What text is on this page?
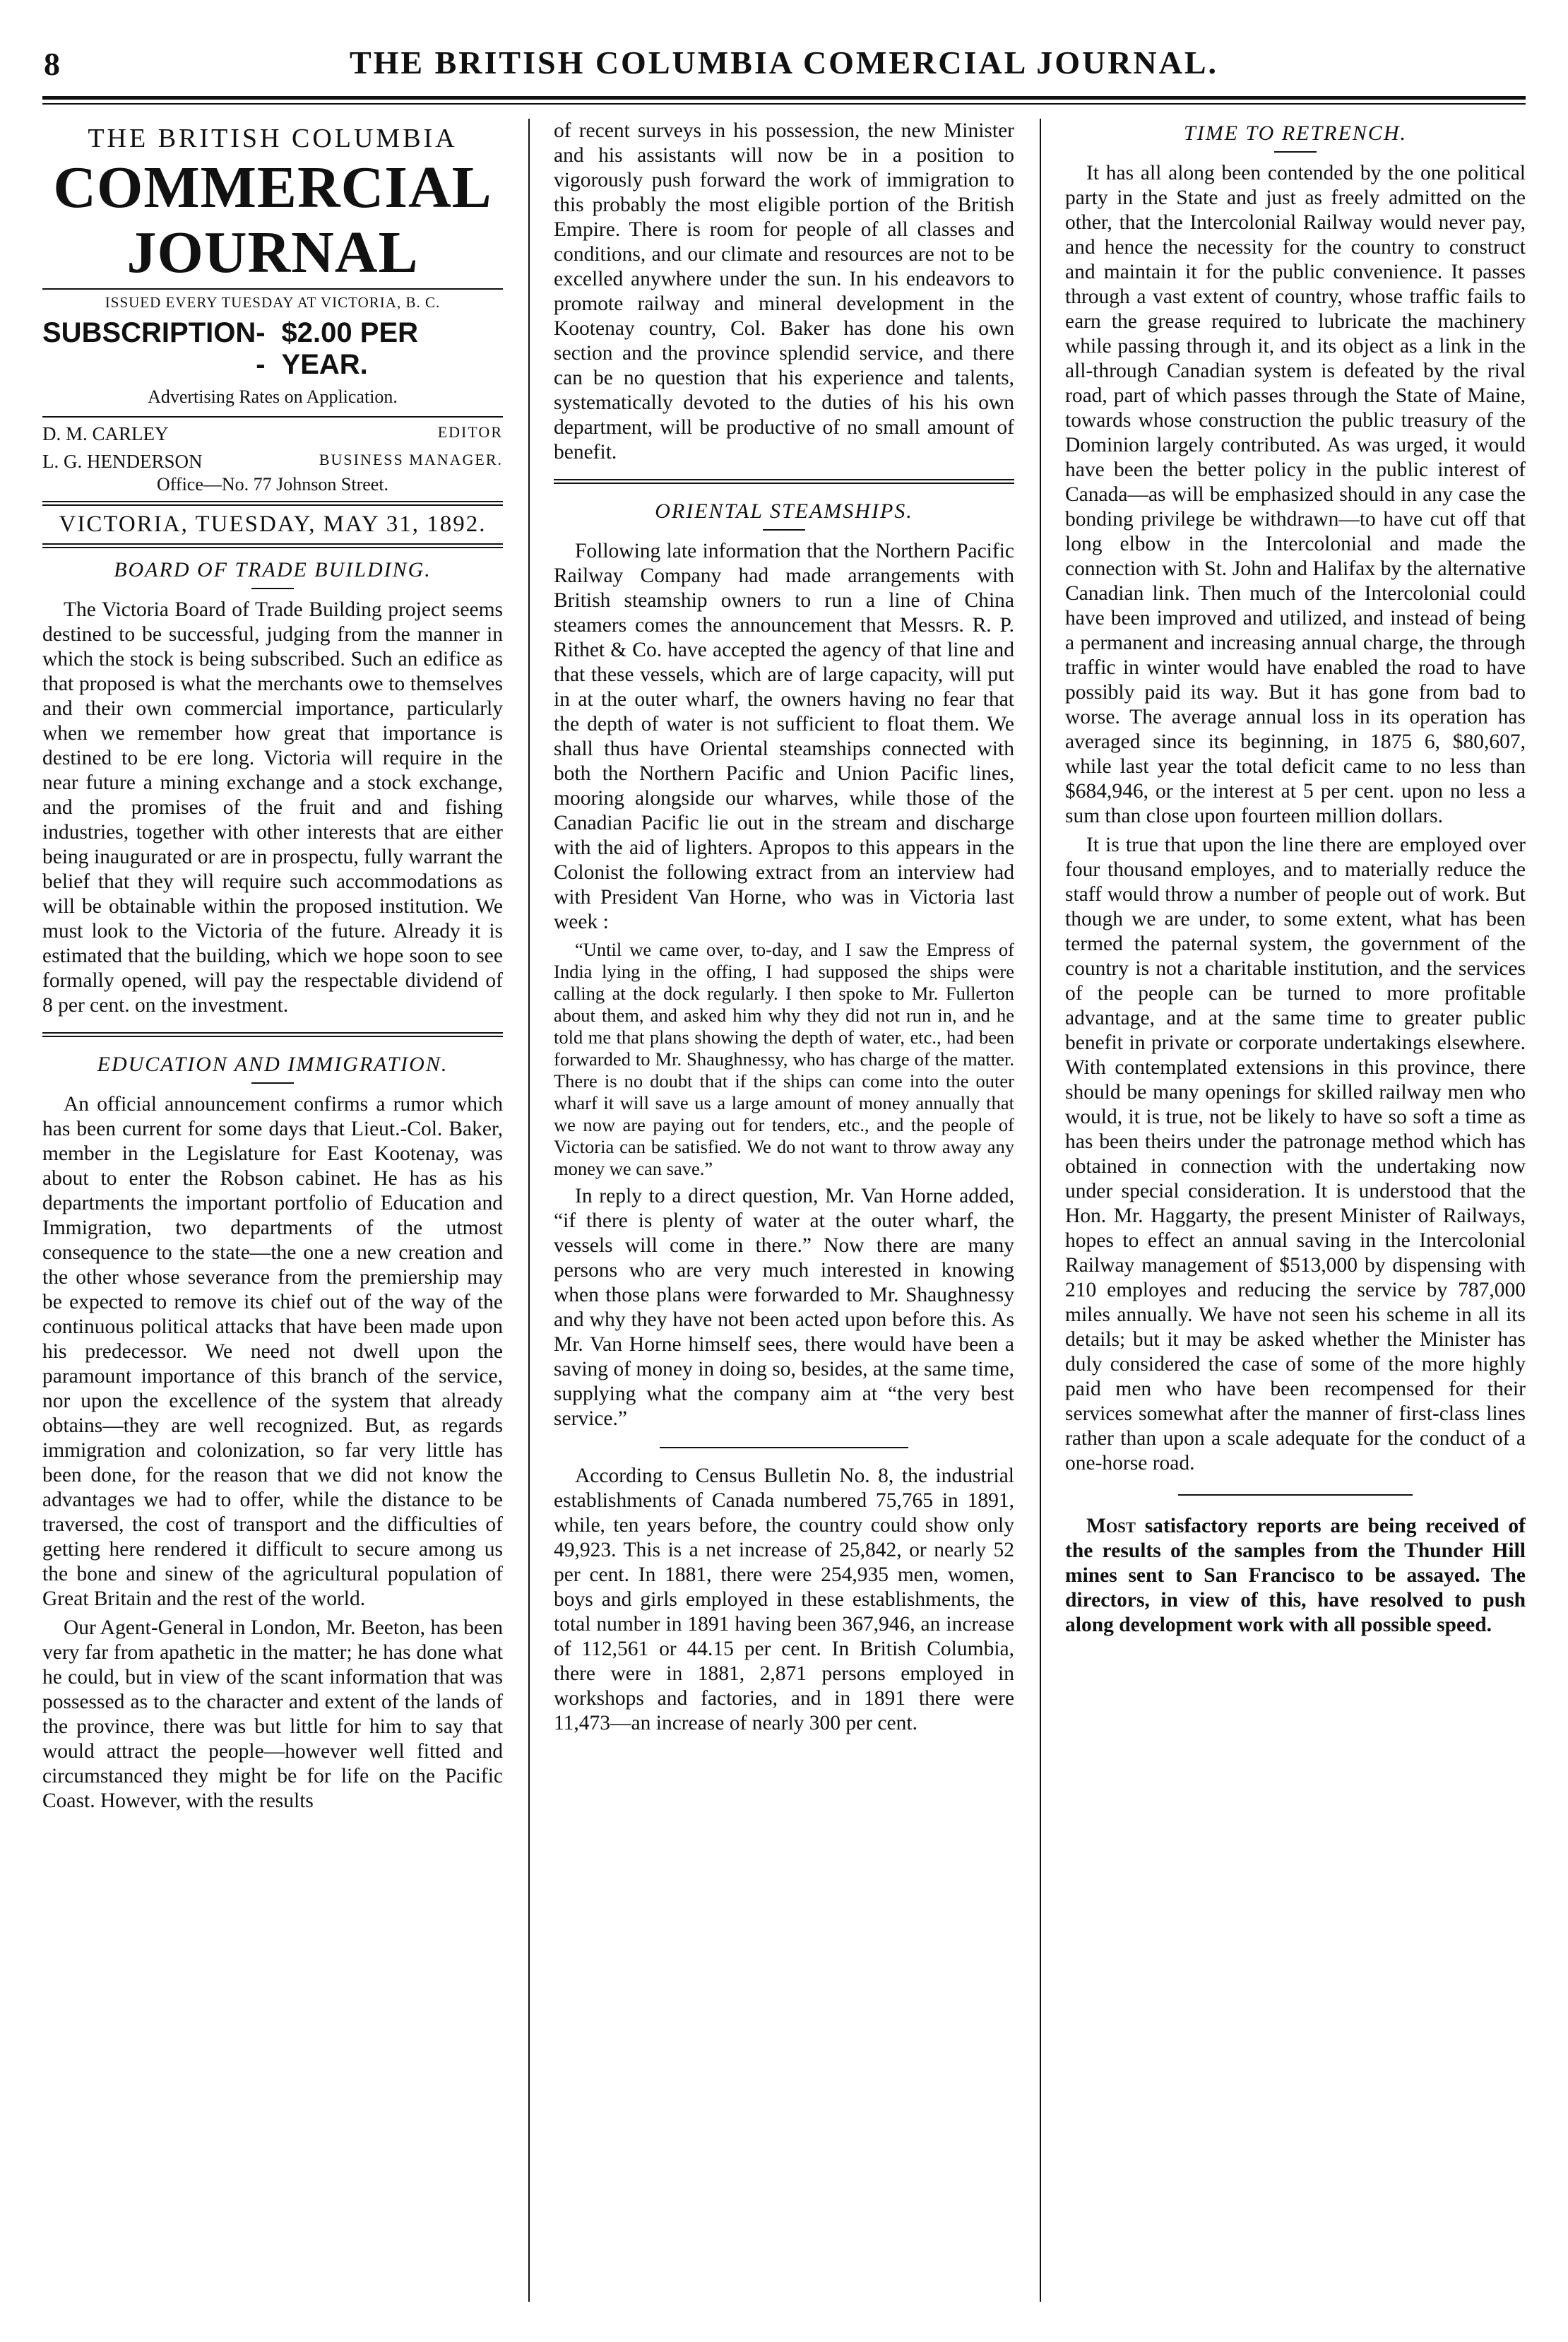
8	THE BRITISH COLUMBIA COMERCIAL JOURNAL.
THE BRITISH COLUMBIA
COMMERCIAL JOURNAL
ISSUED EVERY TUESDAY AT VICTORIA, B. C.
SUBSCRIPTION - -
$2.00 PER YEAR.
Advertising Rates on Application.
D. M. CARLEY	EDITOR
L. G. HENDERSON	BUSINESS MANAGER.
Office—No. 77 Johnson Street.
VICTORIA, TUESDAY, MAY 31, 1892.
BOARD OF TRADE BUILDING.

The Victoria Board of Trade Building project seems destined to be successful, judging from the manner in which the stock is being subscribed. Such an edifice as that proposed is what the merchants owe to themselves and their own commercial importance, particularly when we remember how great that importance is destined to be ere long. Victoria will require in the near future a mining exchange and a stock exchange, and the promises of the fruit and and fishing industries, together with other interests that are either being inaugurated or are in prospectu, fully warrant the belief that they will require such accommodations as will be obtainable within the proposed institution. We must look to the Victoria of the future. Already it is estimated that the building, which we hope soon to see formally opened, will pay the respectable dividend of 8 per cent. on the investment.

EDUCATION AND IMMIGRATION.

An official announcement confirms a rumor which has been current for some days that Lieut.-Col. Baker, member in the Legislature for East Kootenay, was about to enter the Robson cabinet. He has as his departments the important portfolio of Education and Immigration, two departments of the utmost consequence to the state—the one a new creation and the other whose severance from the premiership may be expected to remove its chief out of the way of the continuous political attacks that have been made upon his predecessor. We need not dwell upon the paramount importance of this branch of the service, nor upon the excellence of the system that already obtains—they are well recognized. But, as regards immigration and colonization, so far very little has been done, for the reason that we did not know the advantages we had to offer, while the distance to be traversed, the cost of transport and the difficulties of getting here rendered it difficult to secure among us the bone and sinew of the agricultural population of Great Britain and the rest of the world.

Our Agent-General in London, Mr. Beeton, has been very far from apathetic in the matter; he has done what he could, but in view of the scant information that was possessed as to the character and extent of the lands of the province, there was but little for him to say that would attract the people—however well fitted and circumstanced they might be for life on the Pacific Coast. However, with the results

of recent surveys in his possession, the new Minister and his assistants will now be in a position to vigorously push forward the work of immigration to this probably the most eligible portion of the British Empire. There is room for people of all classes and conditions, and our climate and resources are not to be excelled anywhere under the sun. In his endeavors to promote railway and mineral development in the Kootenay country, Col. Baker has done his own section and the province splendid service, and there can be no question that his experience and talents, systematically devoted to the duties of his his own department, will be productive of no small amount of benefit.

ORIENTAL STEAMSHIPS.

Following late information that the Northern Pacific Railway Company had made arrangements with British steamship owners to run a line of China steamers comes the announcement that Messrs. R. P. Rithet & Co. have accepted the agency of that line and that these vessels, which are of large capacity, will put in at the outer wharf, the owners having no fear that the depth of water is not sufficient to float them. We shall thus have Oriental steamships connected with both the Northern Pacific and Union Pacific lines, mooring alongside our wharves, while those of the Canadian Pacific lie out in the stream and discharge with the aid of lighters. Apropos to this appears in the Colonist the following extract from an interview had with President Van Horne, who was in Victoria last week :

“Until we came over, to-day, and I saw the Empress of India lying in the offing, I had supposed the ships were calling at the dock regularly. I then spoke to Mr. Fullerton about them, and asked him why they did not run in, and he told me that plans showing the depth of water, etc., had been forwarded to Mr. Shaughnessy, who has charge of the matter. There is no doubt that if the ships can come into the outer wharf it will save us a large amount of money annually that we now are paying out for tenders, etc., and the people of Victoria can be satisfied. We do not want to throw away any money we can save.”

In reply to a direct question, Mr. Van Horne added, “if there is plenty of water at the outer wharf, the vessels will come in there.” Now there are many persons who are very much interested in knowing when those plans were forwarded to Mr. Shaughnessy and why they have not been acted upon before this. As Mr. Van Horne himself sees, there would have been a saving of money in doing so, besides, at the same time, supplying what the company aim at “the very best service.”

According to Census Bulletin No. 8, the industrial establishments of Canada numbered 75,765 in 1891, while, ten years before, the country could show only 49,923. This is a net increase of 25,842, or nearly 52 per cent. In 1881, there were 254,935 men, women, boys and girls employed in these establishments, the total number in 1891 having been 367,946, an increase of 112,561 or 44.15 per cent. In British Columbia, there were in 1881, 2,871 persons employed in workshops and factories, and in 1891 there were 11,473—an increase of nearly 300 per cent.

TIME TO RETRENCH.

It has all along been contended by the one political party in the State and just as freely admitted on the other, that the Intercolonial Railway would never pay, and hence the necessity for the country to construct and maintain it for the public convenience. It passes through a vast extent of country, whose traffic fails to earn the grease required to lubricate the machinery while passing through it, and its object as a link in the all-through Canadian system is defeated by the rival road, part of which passes through the State of Maine, towards whose construction the public treasury of the Dominion largely contributed. As was urged, it would have been the better policy in the public interest of Canada—as will be emphasized should in any case the bonding privilege be withdrawn—to have cut off that long elbow in the Intercolonial and made the connection with St. John and Halifax by the alternative Canadian link. Then much of the Intercolonial could have been improved and utilized, and instead of being a permanent and increasing annual charge, the through traffic in winter would have enabled the road to have possibly paid its way. But it has gone from bad to worse. The average annual loss in its operation has averaged since its beginning, in 1875 6, $80,607, while last year the total deficit came to no less than $684,946, or the interest at 5 per cent. upon no less a sum than close upon fourteen million dollars.

It is true that upon the line there are employed over four thousand employes, and to materially reduce the staff would throw a number of people out of work. But though we are under, to some extent, what has been termed the paternal system, the government of the country is not a charitable institution, and the services of the people can be turned to more profitable advantage, and at the same time to greater public benefit in private or corporate undertakings elsewhere. With contemplated extensions in this province, there should be many openings for skilled railway men who would, it is true, not be likely to have so soft a time as has been theirs under the patronage method which has obtained in connection with the undertaking now under special consideration. It is understood that the Hon. Mr. Haggarty, the present Minister of Railways, hopes to effect an annual saving in the Intercolonial Railway management of $513,000 by dispensing with 210 employes and reducing the service by 787,000 miles annually. We have not seen his scheme in all its details; but it may be asked whether the Minister has duly considered the case of some of the more highly paid men who have been recompensed for their services somewhat after the manner of first-class lines rather than upon a scale adequate for the conduct of a one-horse road.

Most satisfactory reports are being received of the results of the samples from the Thunder Hill mines sent to San Francisco to be assayed. The directors, in view of this, have resolved to push along development work with all possible speed.
